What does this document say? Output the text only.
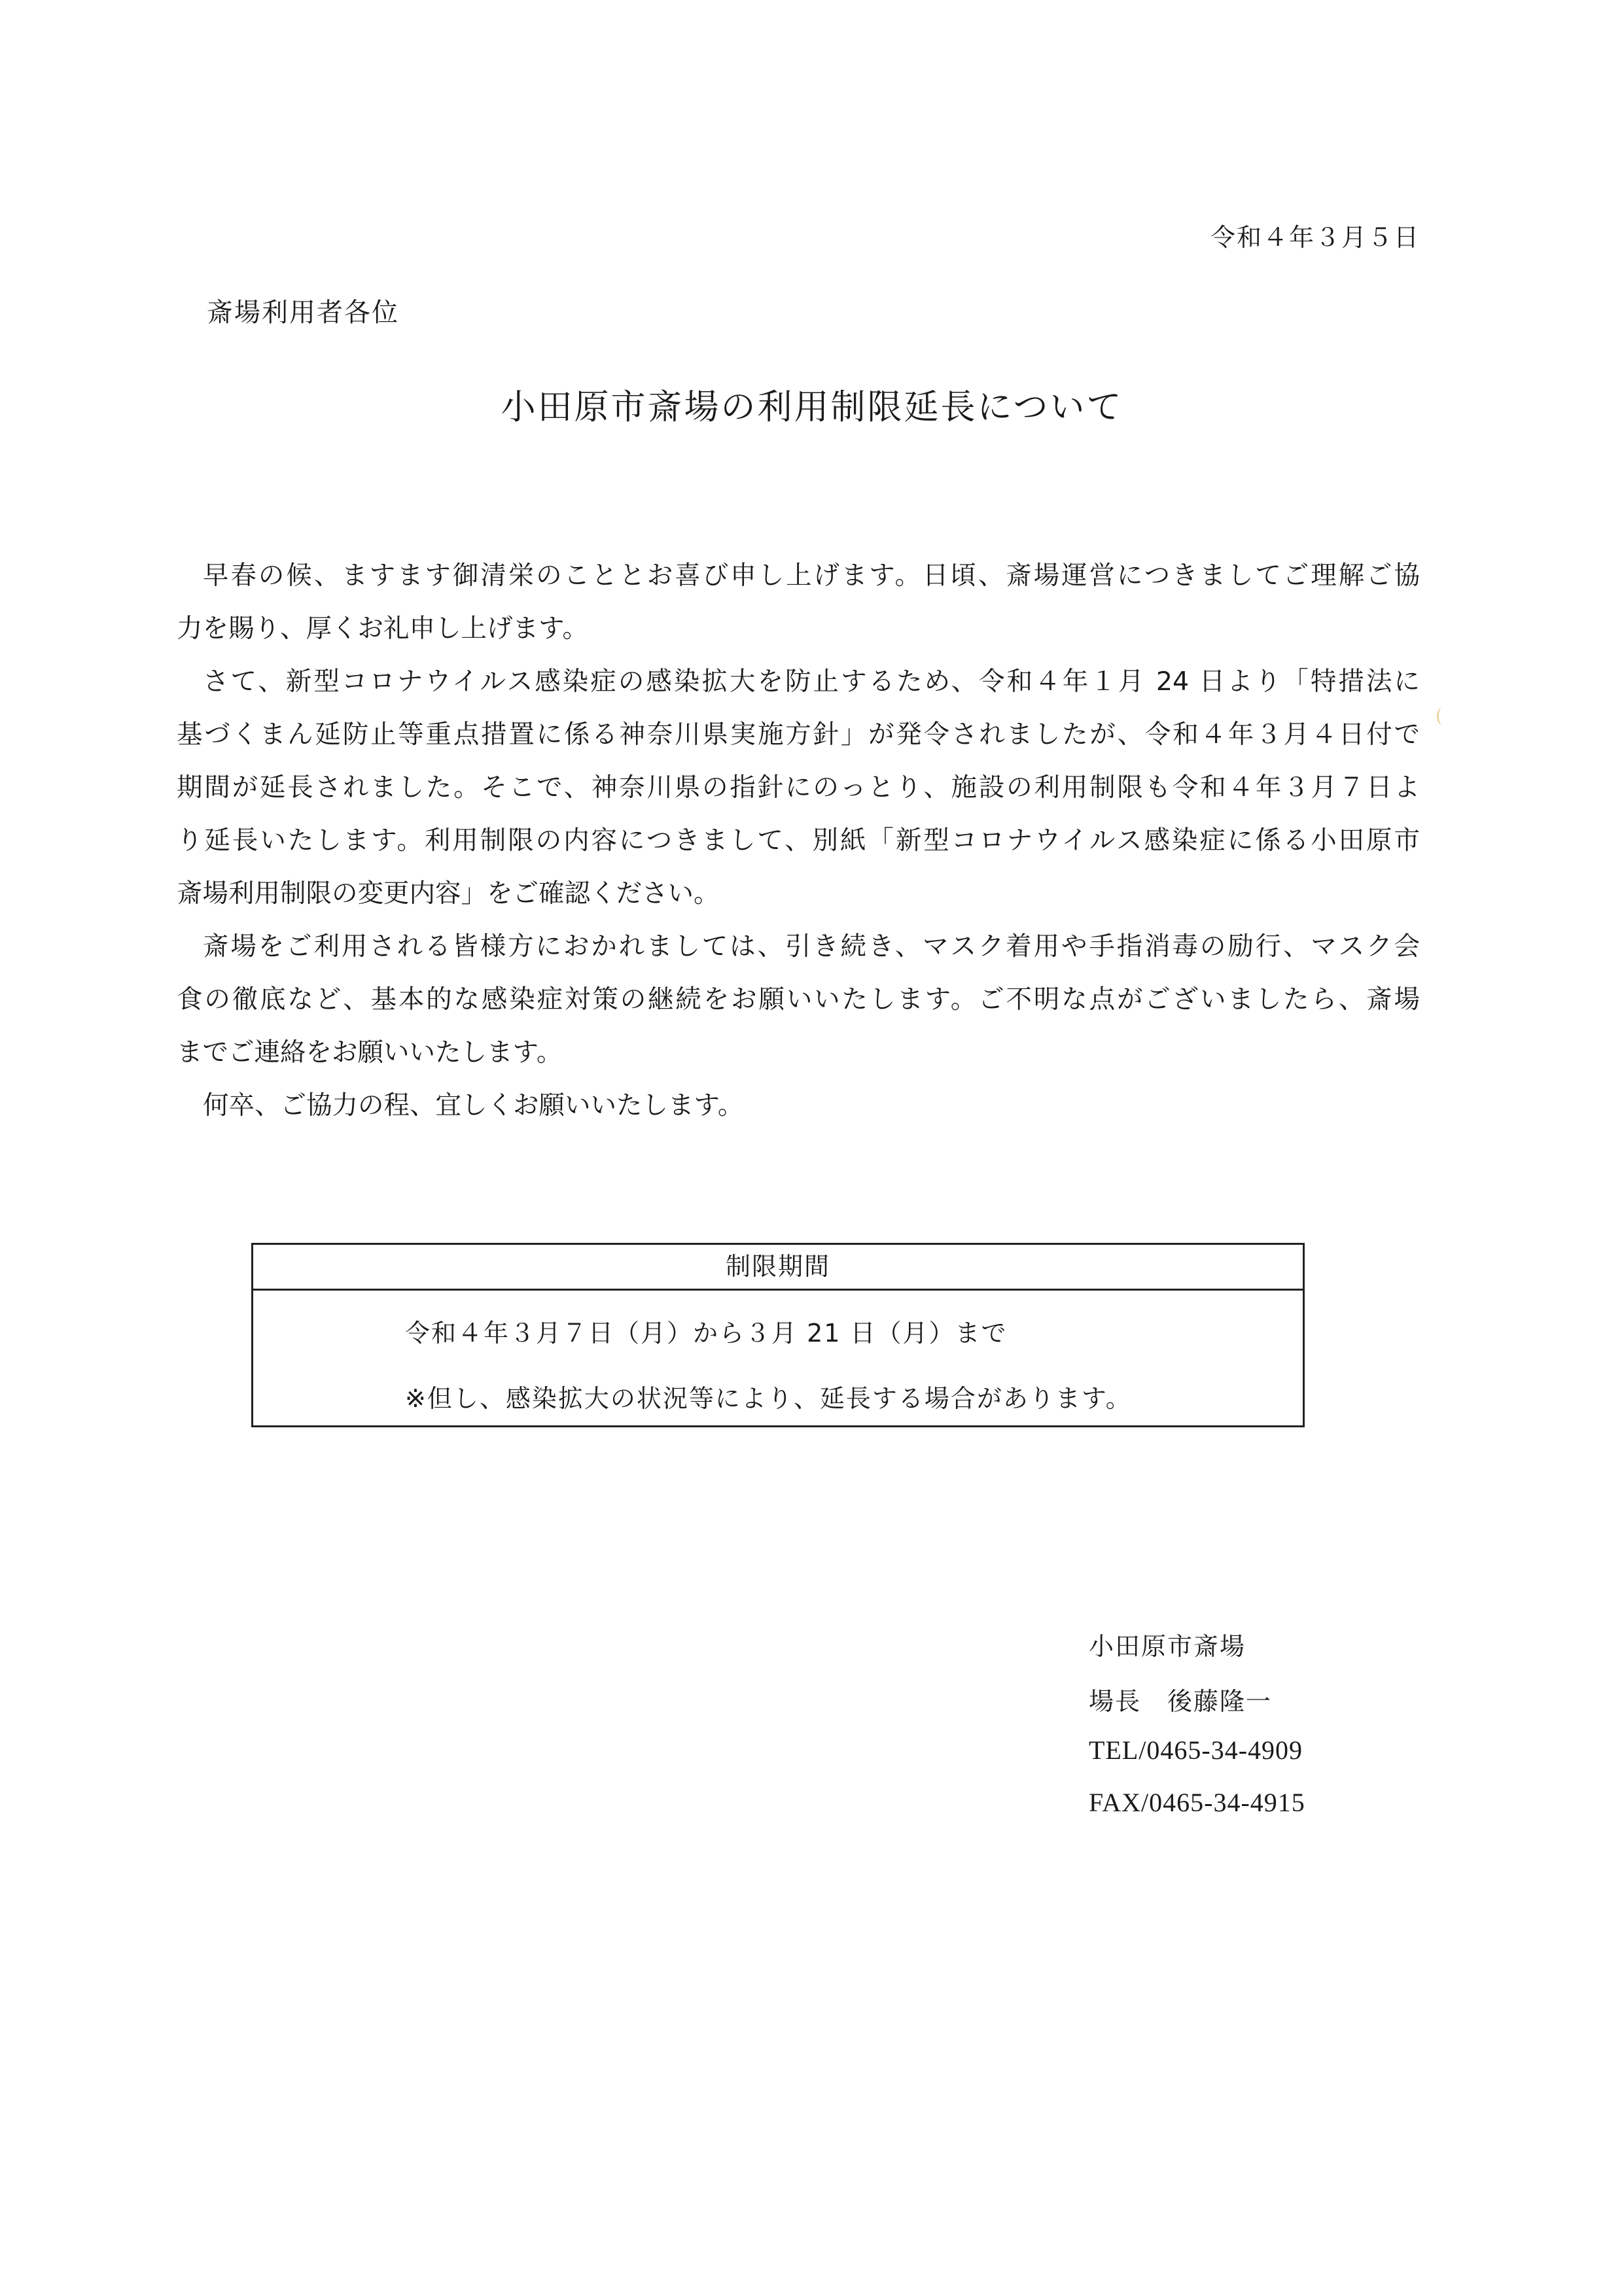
令和４年３月５日
斎場利用者各位
小田原市斎場の利用制限延長について
早春の候、ますます御清栄のこととお喜び申し上げます。日頃、斎場運営につきましてご理解ご協
力を賜り、厚くお礼申し上げます。
さて、新型コロナウイルス感染症の感染拡大を防止するため、令和４年１月 24 日より「特措法に
基づくまん延防止等重点措置に係る神奈川県実施方針」が発令されましたが、令和４年３月４日付で
期間が延長されました。そこで、神奈川県の指針にのっとり、施設の利用制限も令和４年３月７日よ
り延長いたします。利用制限の内容につきまして、別紙「新型コロナウイルス感染症に係る小田原市
斎場利用制限の変更内容」をご確認ください。
斎場をご利用される皆様方におかれましては、引き続き、マスク着用や手指消毒の励行、マスク会
食の徹底など、基本的な感染症対策の継続をお願いいたします。ご不明な点がございましたら、斎場
までご連絡をお願いいたします。
何卒、ご協力の程、宜しくお願いいたします。
制限期間
令和４年３月７日（月）から３月 21 日（月）まで
※但し、感染拡大の状況等により、延長する場合があります。
小田原市斎場
場長　後藤隆一
TEL/0465-34-4909
FAX/0465-34-4915
